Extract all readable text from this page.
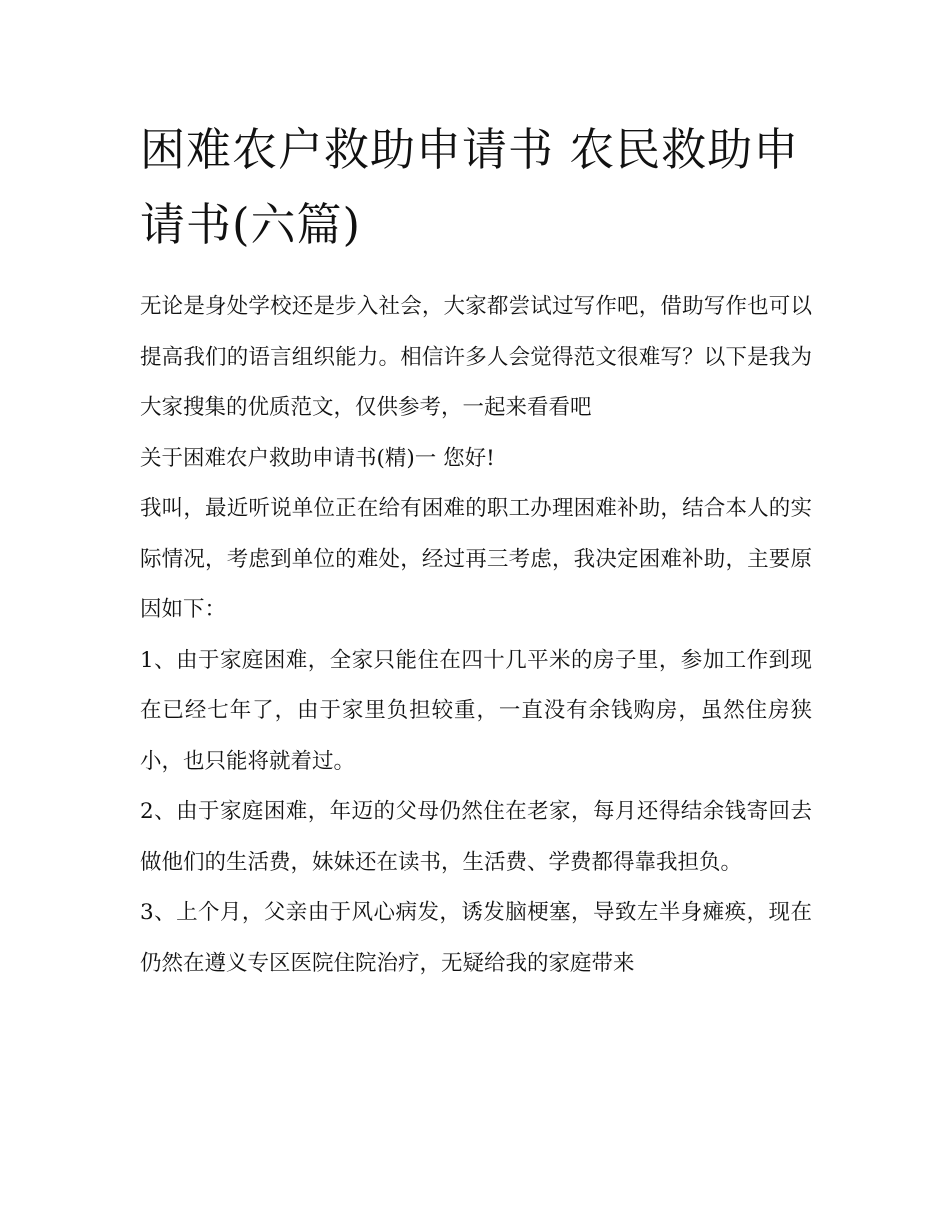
困难农户救助申请书 农民救助申请书(六篇)

无论是身处学校还是步入社会，大家都尝试过写作吧，借助写作也可以提高我们的语言组织能力。相信许多人会觉得范文很难写？以下是我为大家搜集的优质范文，仅供参考，一起来看看吧

关于困难农户救助申请书(精)一 您好!

我叫，最近听说单位正在给有困难的职工办理困难补助，结合本人的实际情况，考虑到单位的难处，经过再三考虑，我决定困难补助，主要原因如下：

1、由于家庭困难，全家只能住在四十几平米的房子里，参加工作到现在已经七年了，由于家里负担较重，一直没有余钱购房，虽然住房狭小，也只能将就着过。

2、由于家庭困难，年迈的父母仍然住在老家，每月还得结余钱寄回去做他们的生活费，妹妹还在读书，生活费、学费都得靠我担负。

3、上个月，父亲由于风心病发，诱发脑梗塞，导致左半身瘫痪，现在仍然在遵义专区医院住院治疗，无疑给我的家庭带来
